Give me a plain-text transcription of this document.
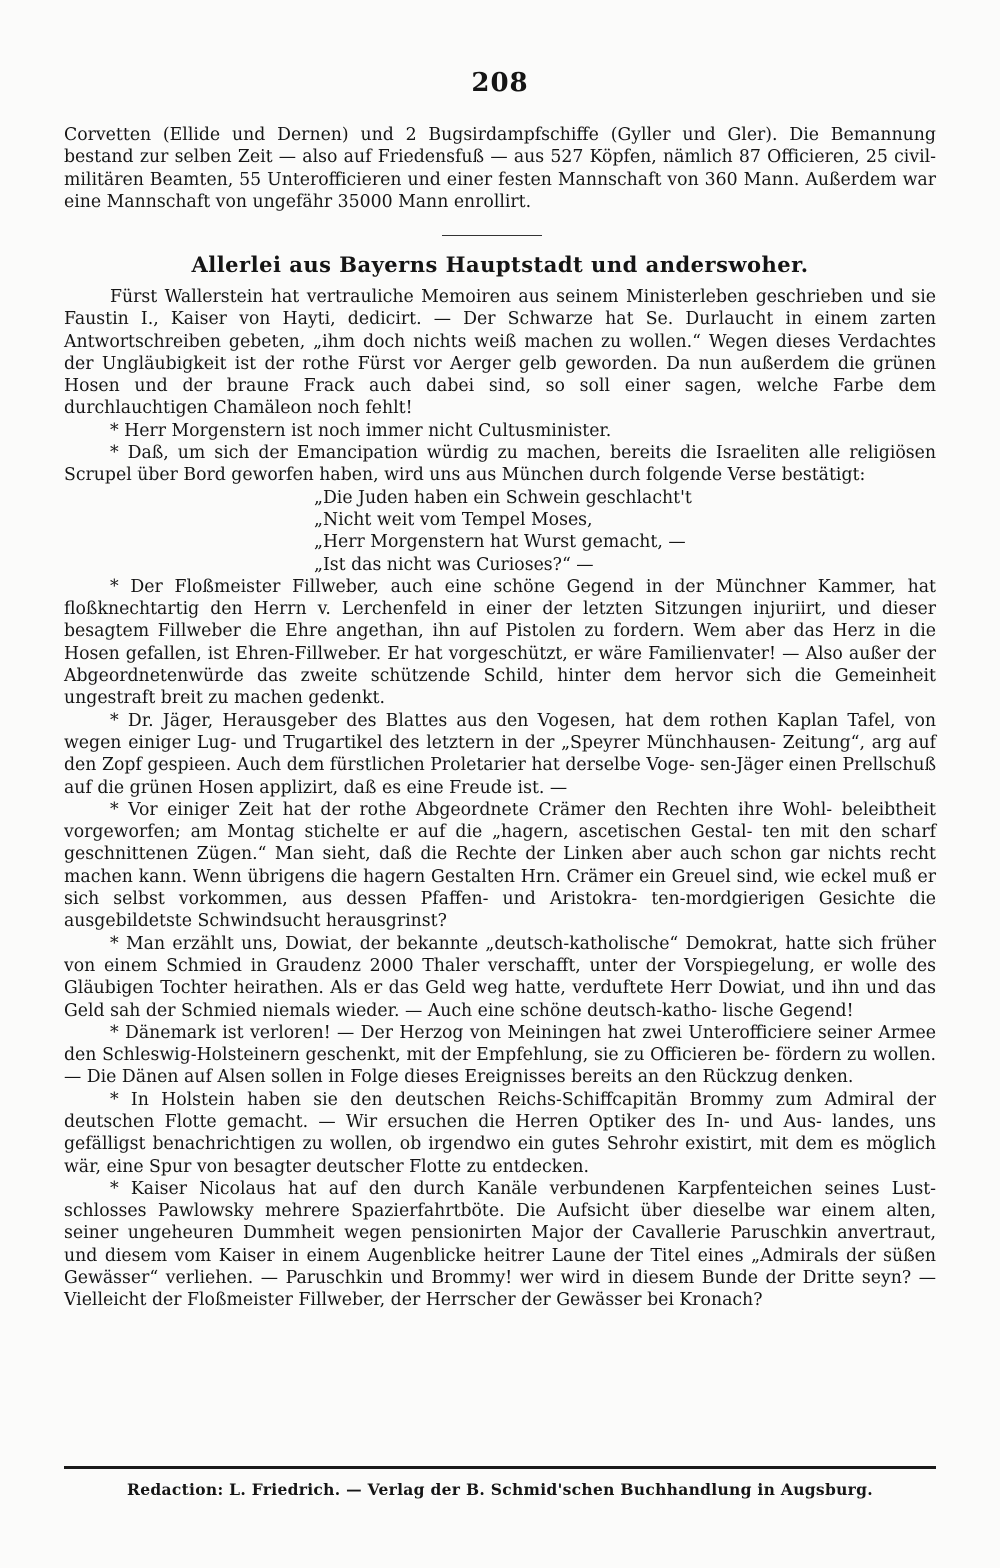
208

Corvetten (Ellide und Dernen) und 2 Bugsirdampfschiffe (Gyller und Gler). Die Bemannung bestand zur selben Zeit — also auf Friedensfuß — aus 527 Köpfen, nämlich 87 Officieren, 25 civil-militären Beamten, 55 Unterofficieren und einer festen Mannschaft von 360 Mann. Außerdem war eine Mannschaft von ungefähr 35000 Mann enrollirt.

Allerlei aus Bayerns Hauptstadt und anderswoher.

Fürst Wallerstein hat vertrauliche Memoiren aus seinem Ministerleben geschrieben und sie Faustin I., Kaiser von Hayti, dedicirt. — Der Schwarze hat Se. Durlaucht in einem zarten Antwortschreiben gebeten, „ihm doch nichts weiß machen zu wollen.“ Wegen dieses Verdachtes der Ungläubigkeit ist der rothe Fürst vor Aerger gelb geworden. Da nun außerdem die grünen Hosen und der braune Frack auch dabei sind, so soll einer sagen, welche Farbe dem durchlauchtigen Chamäleon noch fehlt!

* Herr Morgenstern ist noch immer nicht Cultusminister.

* Daß, um sich der Emancipation würdig zu machen, bereits die Israeliten alle religiösen Scrupel über Bord geworfen haben, wird uns aus München durch folgende Verse bestätigt:

„Die Juden haben ein Schwein geschlacht't
„Nicht weit vom Tempel Moses,
„Herr Morgenstern hat Wurst gemacht, —
„Ist das nicht was Curioses?“ —

* Der Floßmeister Fillweber, auch eine schöne Gegend in der Münchner Kammer, hat floßknechtartig den Herrn v. Lerchenfeld in einer der letzten Sitzungen injuriirt, und dieser besagtem Fillweber die Ehre angethan, ihn auf Pistolen zu fordern. Wem aber das Herz in die Hosen gefallen, ist Ehren-Fillweber. Er hat vorgeschützt, er wäre Familienvater! — Also außer der Abgeordnetenwürde das zweite schützende Schild, hinter dem hervor sich die Gemeinheit ungestraft breit zu machen gedenkt.

* Dr. Jäger, Herausgeber des Blattes aus den Vogesen, hat dem rothen Kaplan Tafel, von wegen einiger Lug- und Trugartikel des letztern in der „Speyrer Münchhausen- Zeitung“, arg auf den Zopf gespieen. Auch dem fürstlichen Proletarier hat derselbe Voge- sen-Jäger einen Prellschuß auf die grünen Hosen applizirt, daß es eine Freude ist. —

* Vor einiger Zeit hat der rothe Abgeordnete Crämer den Rechten ihre Wohl- beleibtheit vorgeworfen; am Montag stichelte er auf die „hagern, ascetischen Gestal- ten mit den scharf geschnittenen Zügen.“ Man sieht, daß die Rechte der Linken aber auch schon gar nichts recht machen kann. Wenn übrigens die hagern Gestalten Hrn. Crämer ein Greuel sind, wie eckel muß er sich selbst vorkommen, aus dessen Pfaffen- und Aristokra- ten-mordgierigen Gesichte die ausgebildetste Schwindsucht herausgrinst?

* Man erzählt uns, Dowiat, der bekannte „deutsch-katholische“ Demokrat, hatte sich früher von einem Schmied in Graudenz 2000 Thaler verschafft, unter der Vorspiegelung, er wolle des Gläubigen Tochter heirathen. Als er das Geld weg hatte, verduftete Herr Dowiat, und ihn und das Geld sah der Schmied niemals wieder. — Auch eine schöne deutsch-katho- lische Gegend!

* Dänemark ist verloren! — Der Herzog von Meiningen hat zwei Unterofficiere seiner Armee den Schleswig-Holsteinern geschenkt, mit der Empfehlung, sie zu Officieren be- fördern zu wollen. — Die Dänen auf Alsen sollen in Folge dieses Ereignisses bereits an den Rückzug denken.

* In Holstein haben sie den deutschen Reichs-Schiffcapitän Brommy zum Admiral der deutschen Flotte gemacht. — Wir ersuchen die Herren Optiker des In- und Aus- landes, uns gefälligst benachrichtigen zu wollen, ob irgendwo ein gutes Sehrohr existirt, mit dem es möglich wär, eine Spur von besagter deutscher Flotte zu entdecken.

* Kaiser Nicolaus hat auf den durch Kanäle verbundenen Karpfenteichen seines Lust- schlosses Pawlowsky mehrere Spazierfahrtböte. Die Aufsicht über dieselbe war einem alten, seiner ungeheuren Dummheit wegen pensionirten Major der Cavallerie Paruschkin anvertraut, und diesem vom Kaiser in einem Augenblicke heitrer Laune der Titel eines „Admirals der süßen Gewässer“ verliehen. — Paruschkin und Brommy! wer wird in diesem Bunde der Dritte seyn? — Vielleicht der Floßmeister Fillweber, der Herrscher der Gewässer bei Kronach?

Redaction: L. Friedrich. — Verlag der B. Schmid'schen Buchhandlung in Augsburg.
